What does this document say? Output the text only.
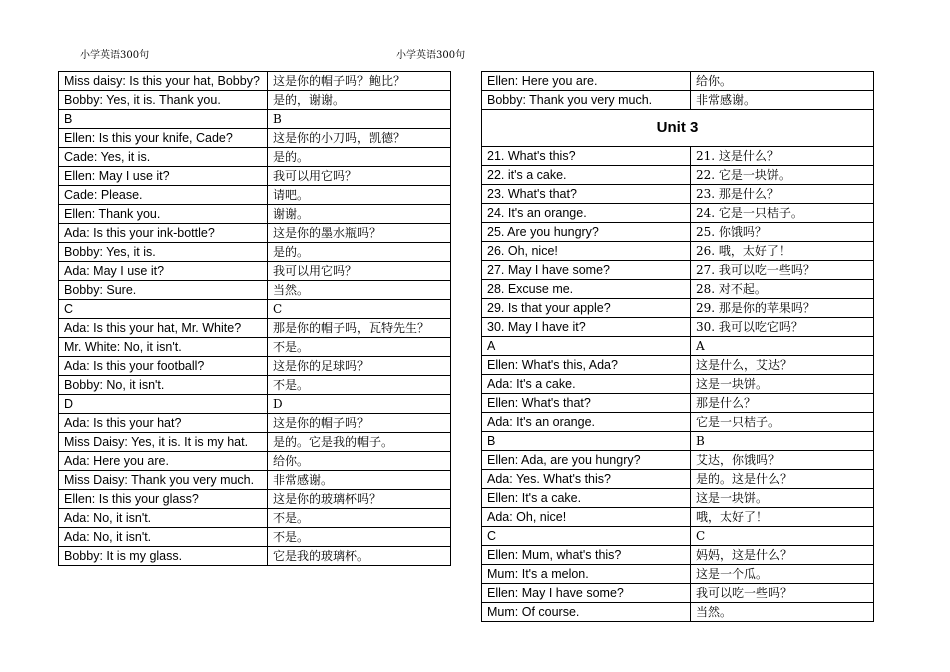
小学英语300句	小学英语300句
Miss daisy: Is this your hat, Bobby?	这是你的帽子吗？鲍比？
Bobby: Yes, it is. Thank you.	是的，谢谢。
B	B
Ellen: Is this your knife, Cade?	这是你的小刀吗，凯德？
Cade: Yes, it is.	是的。
Ellen: May I use it?	我可以用它吗？
Cade: Please.	请吧。
Ellen: Thank you.	谢谢。
Ada: Is this your ink-bottle?	这是你的墨水瓶吗？
Bobby: Yes, it is.	是的。
Ada: May I use it?	我可以用它吗？
Bobby: Sure.	当然。
C	C
Ada: Is this your hat, Mr. White?	那是你的帽子吗，瓦特先生？
Mr. White: No, it isn't.	不是。
Ada: Is this your football?	这是你的足球吗？
Bobby: No, it isn't.	不是。
D	D
Ada: Is this your hat?	这是你的帽子吗？
Miss Daisy: Yes, it is. It is my hat.	是的。它是我的帽子。
Ada: Here you are.	给你。
Miss Daisy: Thank you very much.	非常感谢。
Ellen: Is this your glass?	这是你的玻璃杯吗？
Ada: No, it isn't.	不是。
Ada: No, it isn't.	不是。
Bobby: It is my glass.	它是我的玻璃杯。
Ellen: Here you are.	给你。
Bobby: Thank you very much.	非常感谢。
Unit 3	
21. What's this?	21. 这是什么？
22. it's a cake.	22. 它是一块饼。
23. What's that?	23. 那是什么？
24. It's an orange.	24. 它是一只桔子。
25. Are you hungry?	25. 你饿吗？
26. Oh, nice!	26. 哦，太好了！
27. May I have some?	27. 我可以吃一些吗？
28. Excuse me.	28. 对不起。
29. Is that your apple?	29. 那是你的苹果吗？
30. May I have it?	30. 我可以吃它吗？
A	A
Ellen: What's this, Ada?	这是什么，艾达？
Ada: It's a cake.	这是一块饼。
Ellen: What's that?	那是什么？
Ada: It's an orange.	它是一只桔子。
B	B
Ellen: Ada, are you hungry?	艾达，你饿吗？
Ada: Yes. What's this?	是的。这是什么？
Ellen: It's a cake.	这是一块饼。
Ada: Oh, nice!	哦，太好了！
C	C
Ellen: Mum, what's this?	妈妈，这是什么？
Mum: It's a melon.	这是一个瓜。
Ellen: May I have some?	我可以吃一些吗？
Mum: Of course.	当然。
